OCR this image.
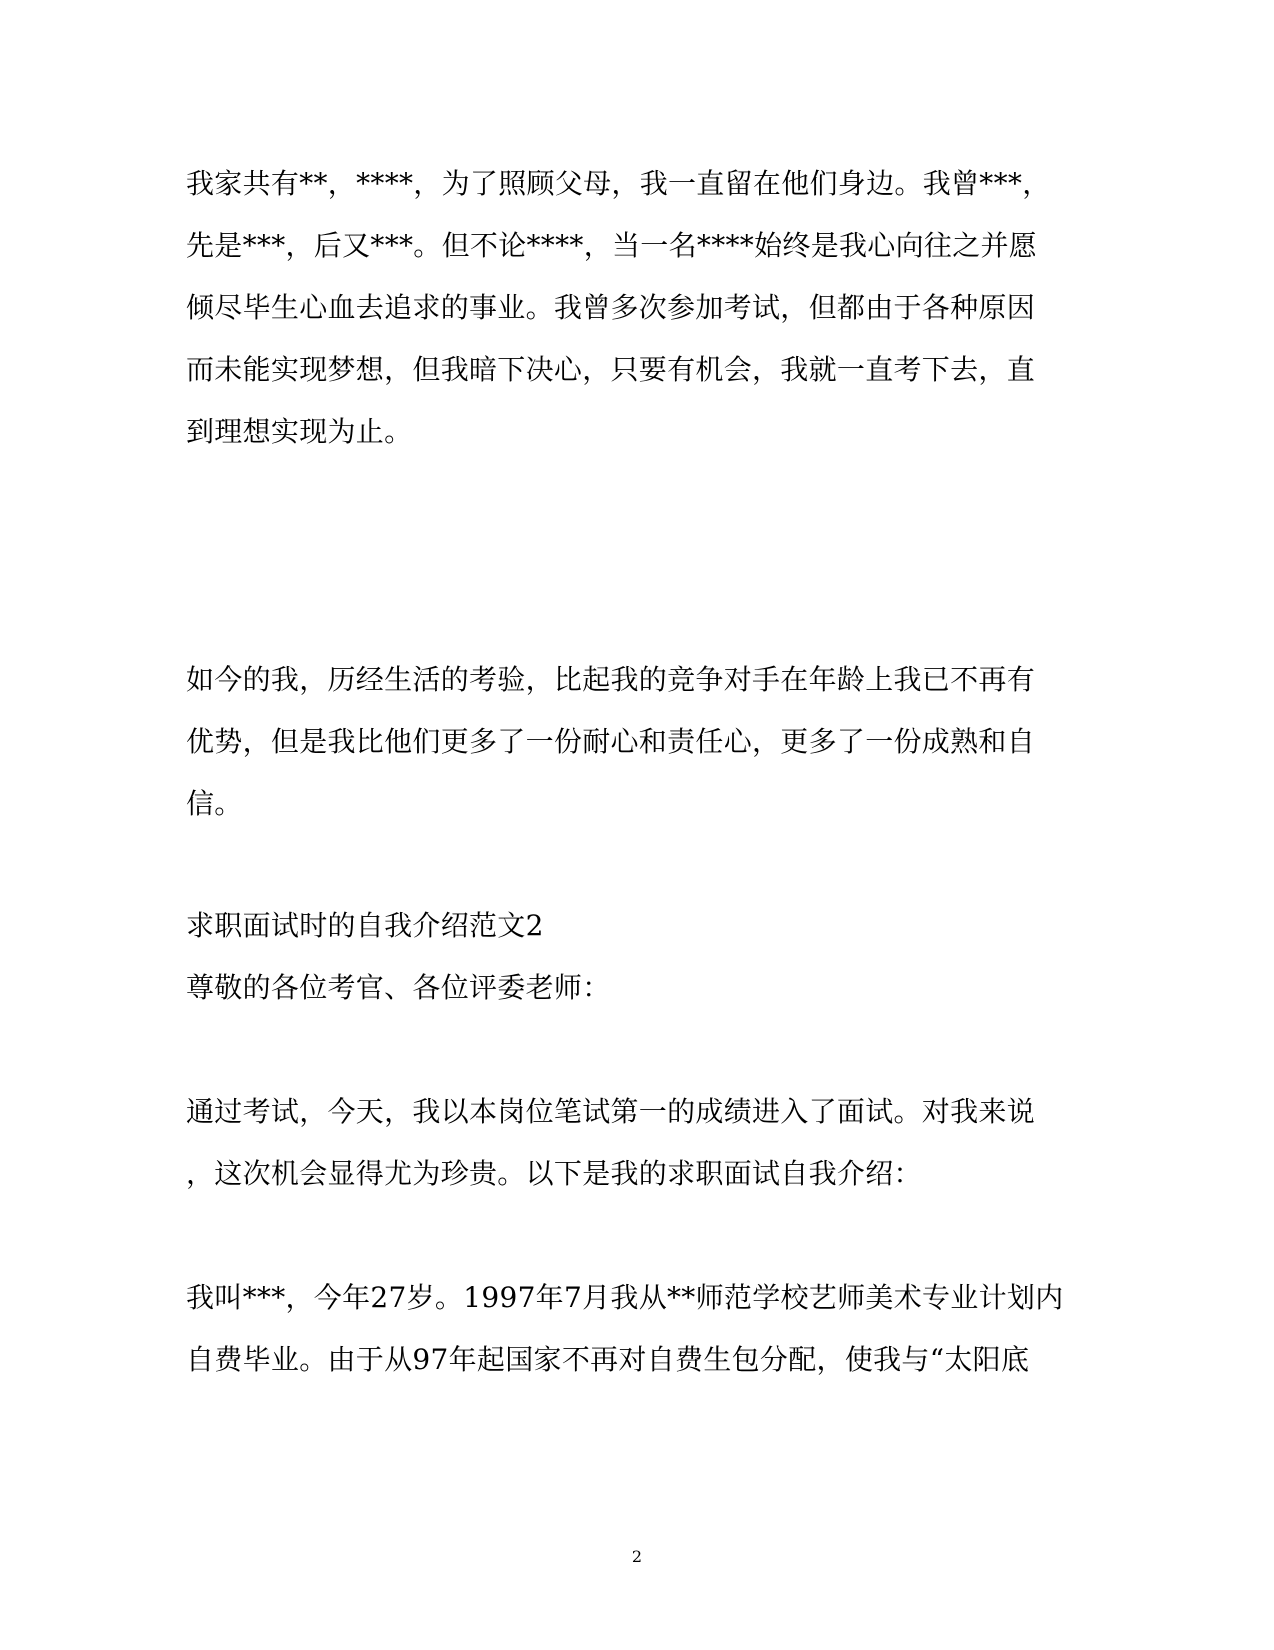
我家共有**，****，为了照顾父母，我一直留在他们身边。我曾***，
先是***，后又***。但不论****，当一名****始终是我心向往之并愿
倾尽毕生心血去追求的事业。我曾多次参加考试，但都由于各种原因
而未能实现梦想，但我暗下决心，只要有机会，我就一直考下去，直
到理想实现为止。
如今的我，历经生活的考验，比起我的竞争对手在年龄上我已不再有
优势，但是我比他们更多了一份耐心和责任心，更多了一份成熟和自
信。
求职面试时的自我介绍范文2
尊敬的各位考官、各位评委老师：
通过考试，今天，我以本岗位笔试第一的成绩进入了面试。对我来说
，这次机会显得尤为珍贵。以下是我的求职面试自我介绍：
我叫***，今年27岁。1997年7月我从**师范学校艺师美术专业计划内
自费毕业。由于从97年起国家不再对自费生包分配，使我与“太阳底
2
